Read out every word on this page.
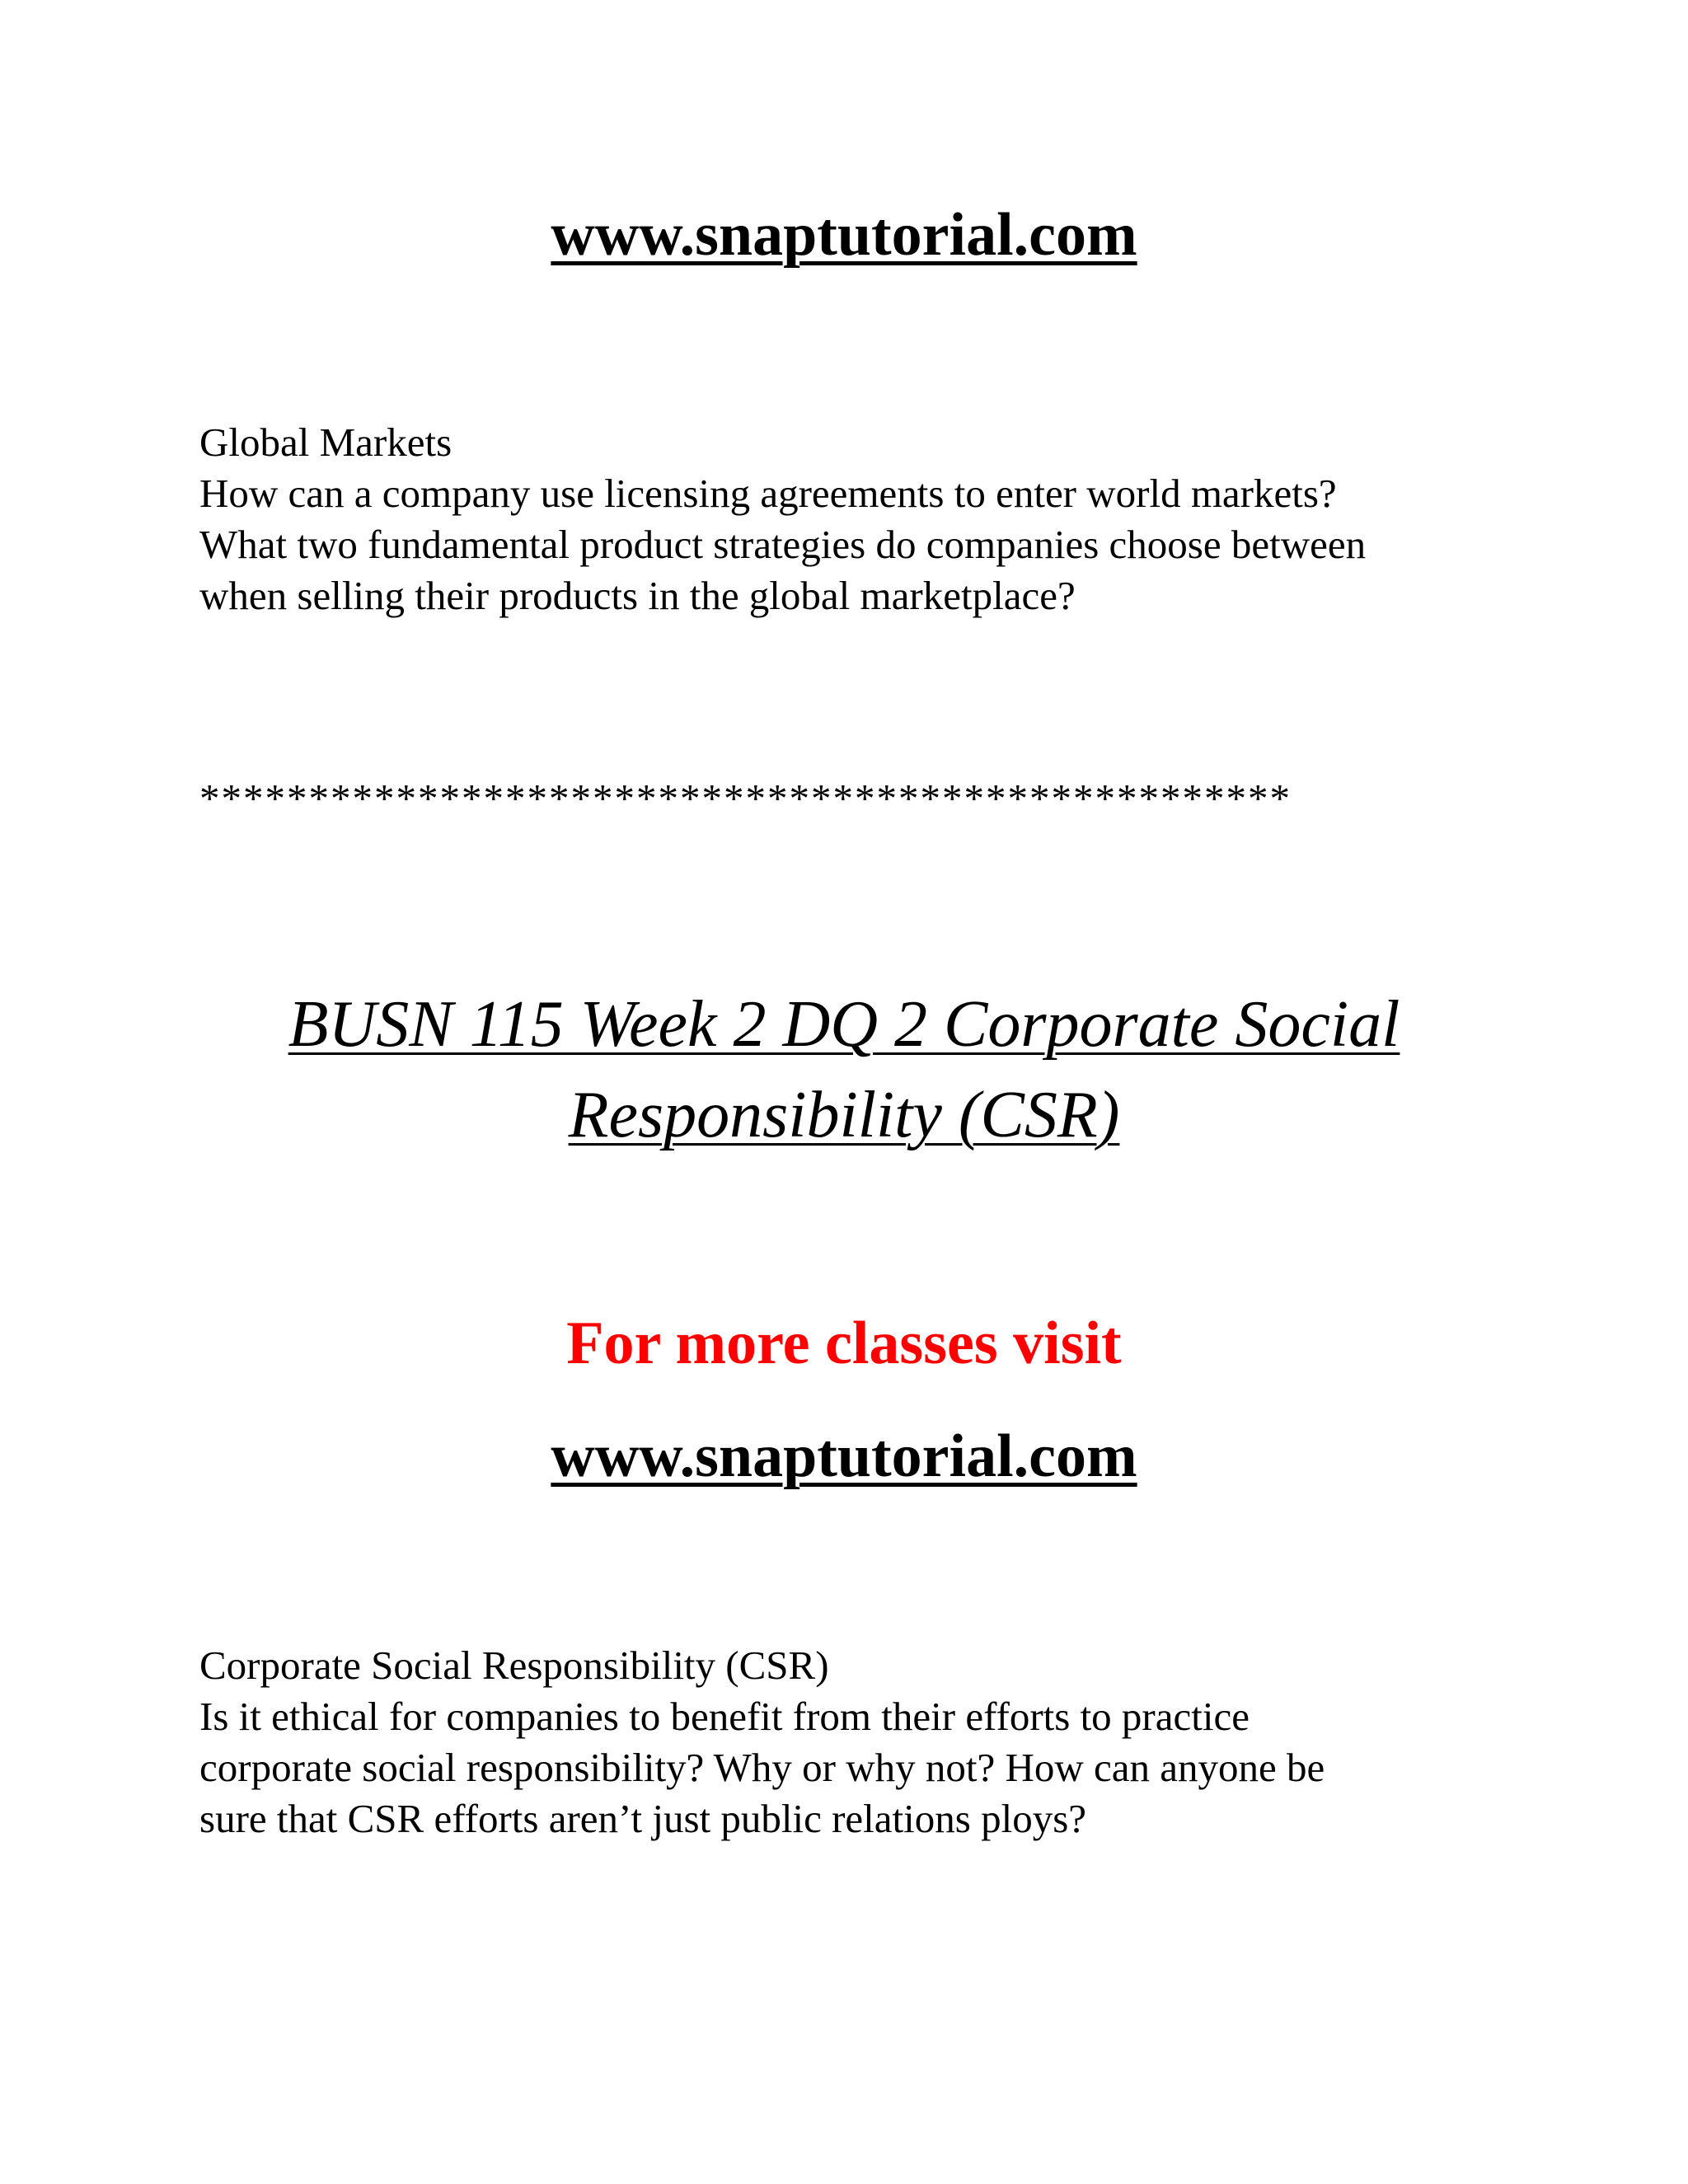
www.snaptutorial.com
Global Markets
How can a company use licensing agreements to enter world markets?
What two fundamental product strategies do companies choose between
when selling their products in the global marketplace?
**************************************************
BUSN 115 Week 2 DQ 2 Corporate Social
Responsibility (CSR)
For more classes visit
www.snaptutorial.com
Corporate Social Responsibility (CSR)
Is it ethical for companies to benefit from their efforts to practice
corporate social responsibility? Why or why not? How can anyone be
sure that CSR efforts aren’t just public relations ploys?
